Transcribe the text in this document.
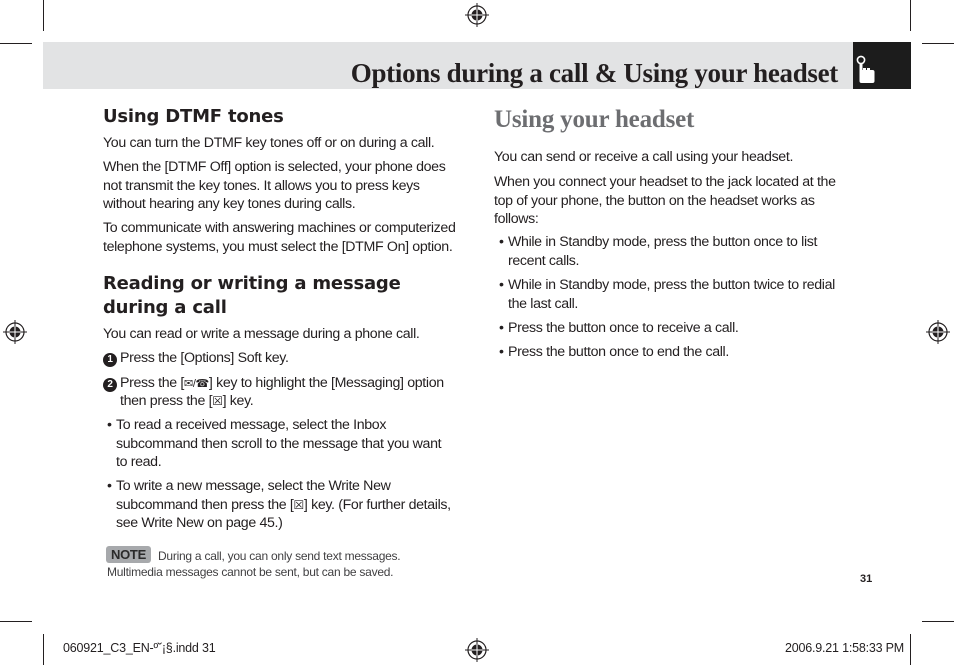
Options during a call & Using your headset
Using DTMF tones
You can turn the DTMF key tones off or on during a call.
When the [DTMF Off] option is selected, your phone does
not transmit the key tones. It allows you to press keys
without hearing any key tones during calls.
To communicate with answering machines or computerized
telephone systems, you must select the [DTMF On] option.
Reading or writing a message
during a call
You can read or write a message during a phone call.
1 Press the [Options] Soft key.
2 Press the [✉/☎] key to highlight the [Messaging] option
then press the [☒] key.
• To read a received message, select the Inbox
subcommand then scroll to the message that you want
to read.
• To write a new message, select the Write New
subcommand then press the [☒] key. (For further details,
see Write New on page 45.)
NOTE	During a call, you can only send text messages.
Multimedia messages cannot be sent, but can be saved.
Using your headset
You can send or receive a call using your headset.
When you connect your headset to the jack located at the
top of your phone, the button on the headset works as
follows:
• While in Standby mode, press the button once to list
recent calls.
• While in Standby mode, press the button twice to redial
the last call.
• Press the button once to receive a call.
• Press the button once to end the call.
31
060921_C3_EN-º˘¡§.indd 31	2006.9.21 1:58:33 PM
